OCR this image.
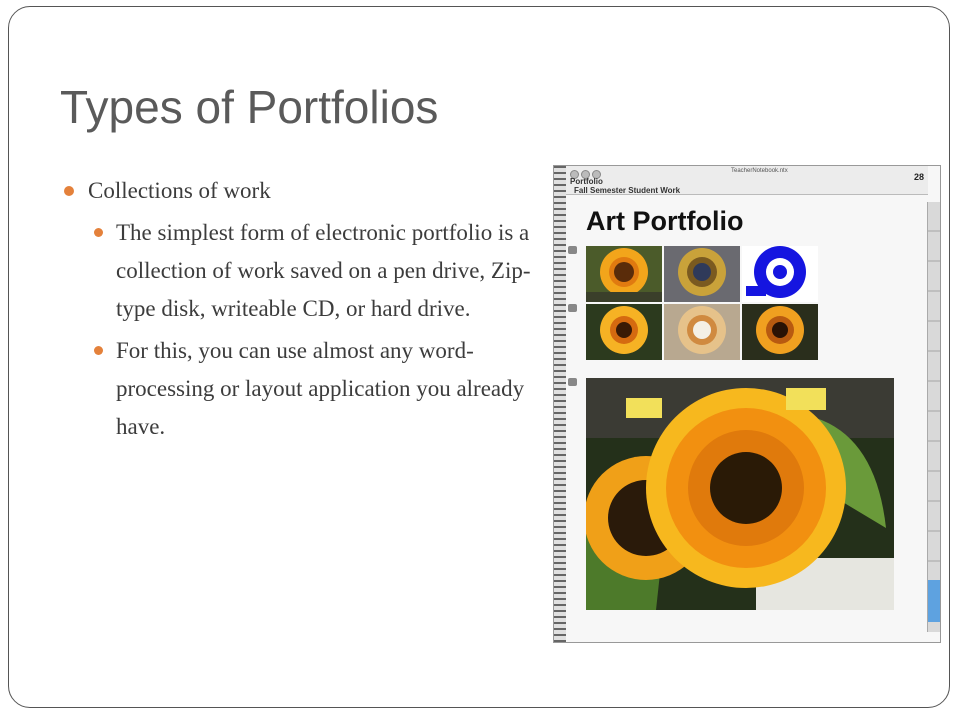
Types of Portfolios
Collections of work
The simplest form of electronic portfolio is a collection of work saved on a pen drive, Zip-type disk, writeable CD, or hard drive.
For this, you can use almost any word-processing or layout application you already have.
TeacherNotebook.ntx
28
Portfolio
Fall Semester Student Work
Art Portfolio
